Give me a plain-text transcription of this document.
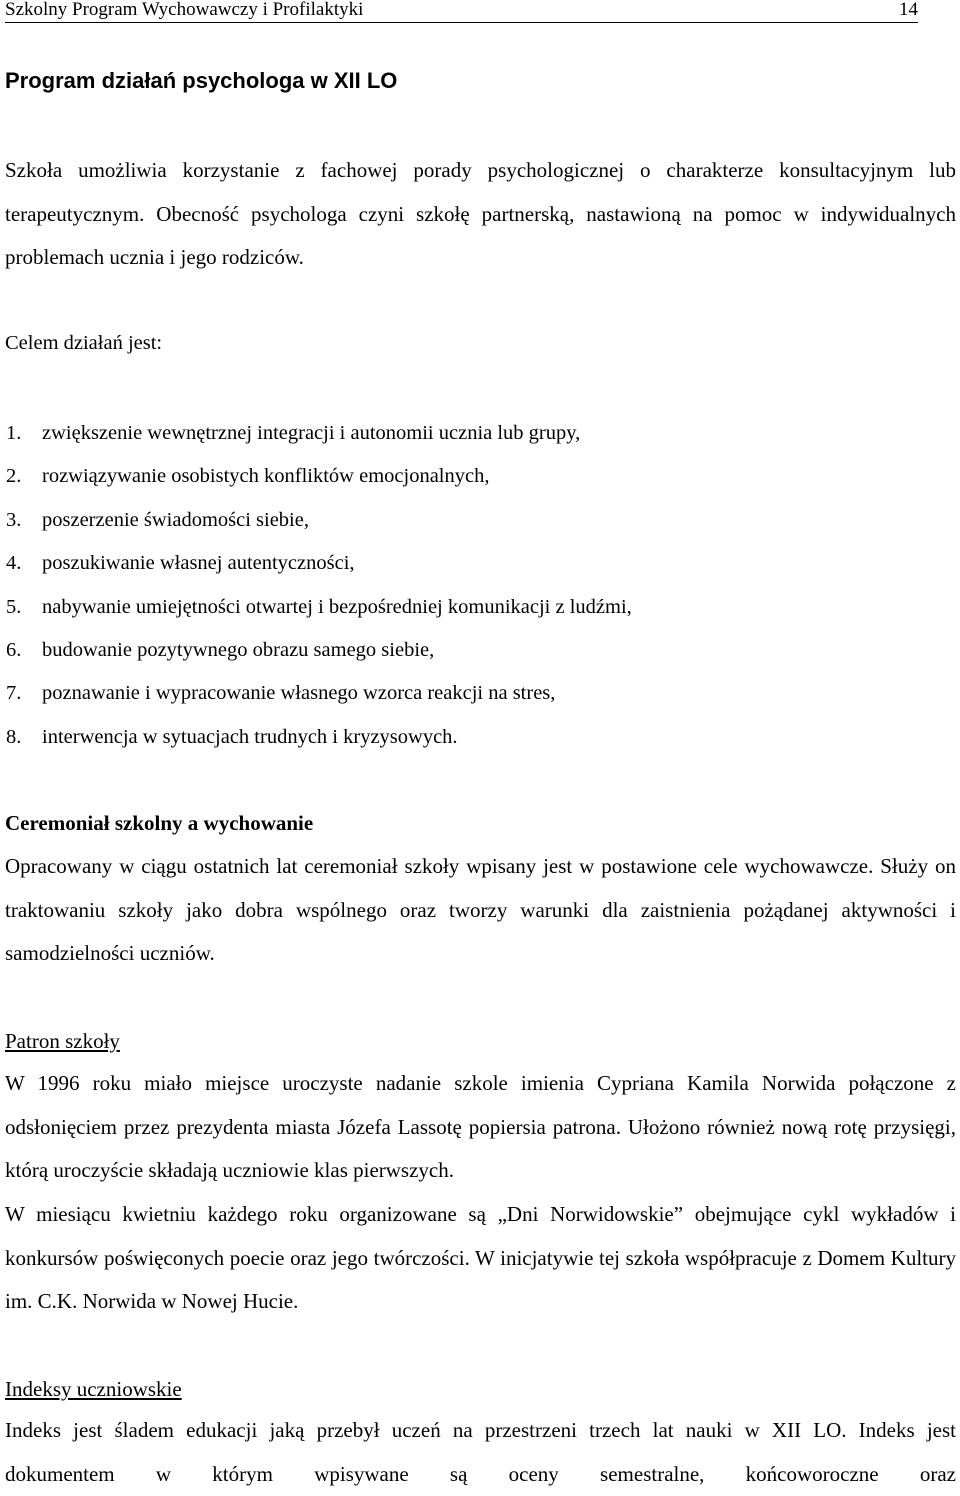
Szkolny Program Wychowawczy i Profilaktyki	14
Program działań psychologa w XII LO

Szkoła umożliwia korzystanie z fachowej porady psychologicznej o charakterze konsultacyjnym lub terapeutycznym. Obecność psychologa czyni szkołę partnerską, nastawioną na pomoc w indywidualnych problemach ucznia i jego rodziców.

Celem działań jest:

1. zwiększenie wewnętrznej integracji i autonomii ucznia lub grupy,
2. rozwiązywanie osobistych konfliktów emocjonalnych,
3. poszerzenie świadomości siebie,
4. poszukiwanie własnej autentyczności,
5. nabywanie umiejętności otwartej i bezpośredniej komunikacji z ludźmi,
6. budowanie pozytywnego obrazu samego siebie,
7. poznawanie i wypracowanie własnego wzorca reakcji na stres,
8. interwencja w sytuacjach trudnych i kryzysowych.
Ceremoniał szkolny a wychowanie

Opracowany w ciągu ostatnich lat ceremoniał szkoły wpisany jest w postawione cele wychowawcze. Służy on traktowaniu szkoły jako dobra wspólnego oraz tworzy warunki dla zaistnienia pożądanej aktywności i samodzielności uczniów.

Patron szkoły

W 1996 roku miało miejsce uroczyste nadanie szkole imienia Cypriana Kamila Norwida połączone z odsłonięciem przez prezydenta miasta Józefa Lassotę popiersia patrona. Ułożono również nową rotę przysięgi, którą uroczyście składają uczniowie klas pierwszych.

W miesiącu kwietniu każdego roku organizowane są „Dni Norwidowskie” obejmujące cykl wykładów i konkursów poświęconych poecie oraz jego twórczości. W inicjatywie tej szkoła współpracuje z Domem Kultury im. C.K. Norwida w Nowej Hucie.

Indeksy uczniowskie

Indeks jest śladem edukacji jaką przebył uczeń na przestrzeni trzech lat nauki w XII LO. Indeks jest dokumentem w którym wpisywane są oceny semestralne, końcoworoczne oraz
